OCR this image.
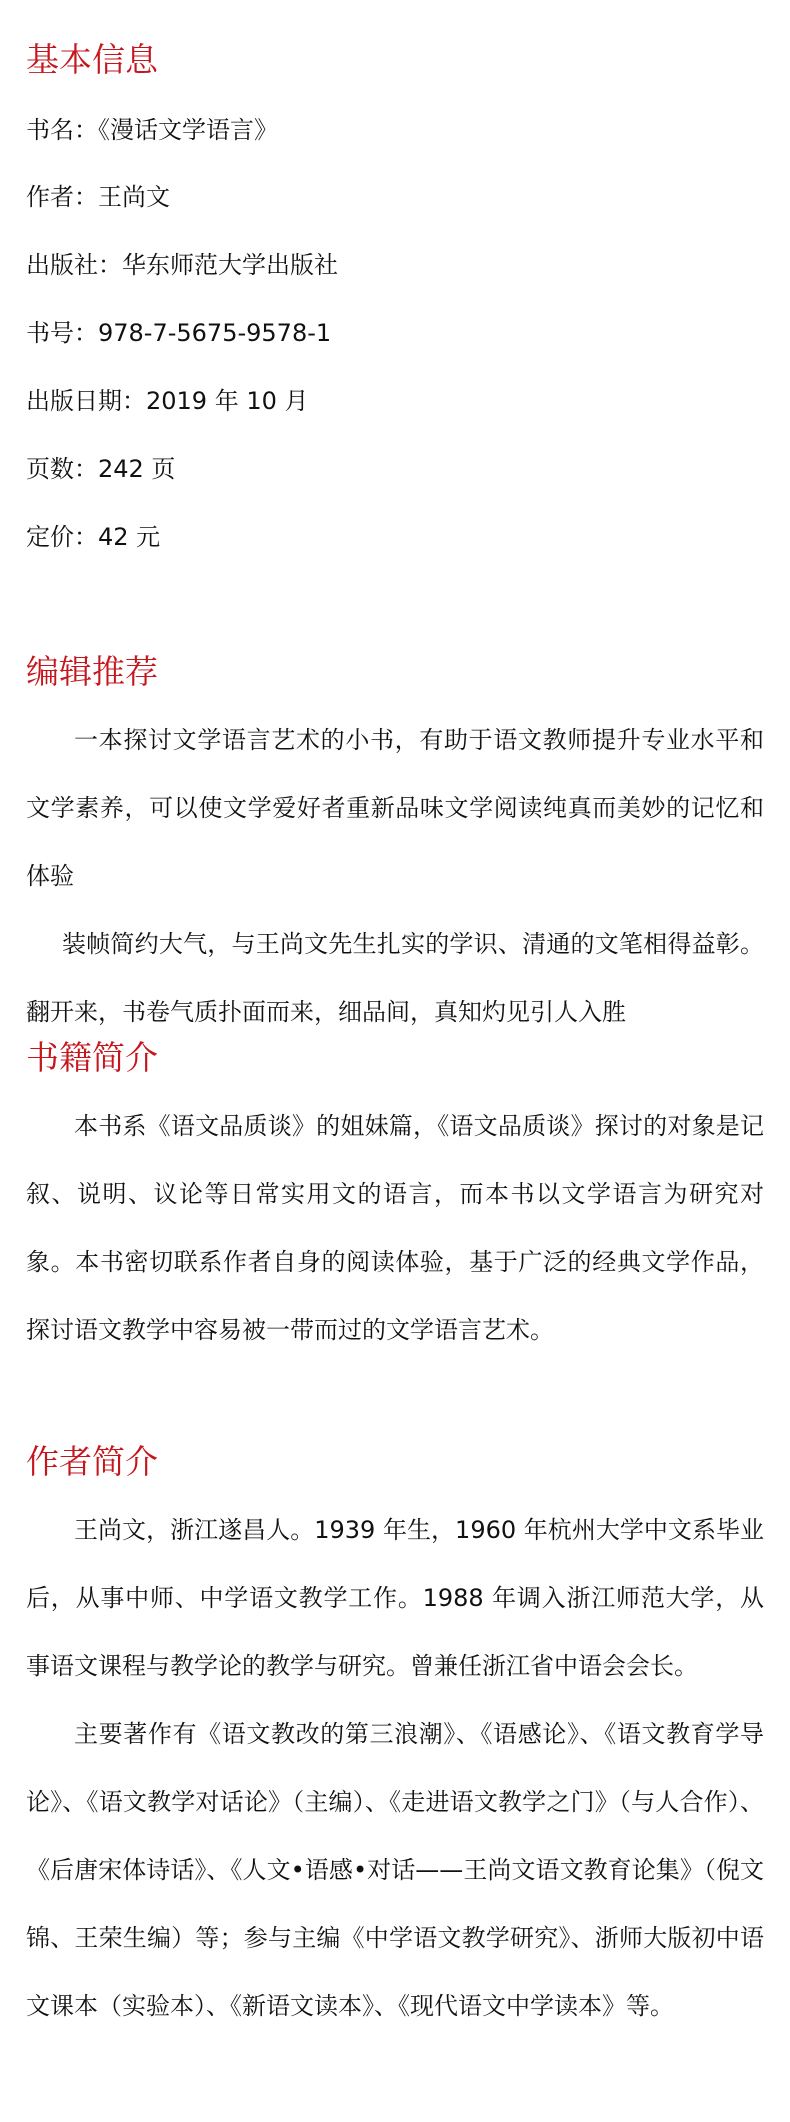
基本信息

书名：《漫话文学语言》

作者：王尚文

出版社：华东师范大学出版社

书号：978-7-5675-9578-1

出版日期：2019 年 10 月

页数：242 页

定价：42 元

编辑推荐

一本探讨文学语言艺术的小书，有助于语文教师提升专业水平和文学素养，可以使文学爱好者重新品味文学阅读纯真而美妙的记忆和体验

装帧简约大气，与王尚文先生扎实的学识、清通的文笔相得益彰。翻开来，书卷气质扑面而来，细品间，真知灼见引人入胜

书籍简介

本书系《语文品质谈》的姐妹篇，《语文品质谈》探讨的对象是记叙、说明、议论等日常实用文的语言，而本书以文学语言为研究对象。本书密切联系作者自身的阅读体验，基于广泛的经典文学作品，探讨语文教学中容易被一带而过的文学语言艺术。

作者简介

王尚文，浙江遂昌人。1939 年生，1960 年杭州大学中文系毕业后，从事中师、中学语文教学工作。1988 年调入浙江师范大学，从事语文课程与教学论的教学与研究。曾兼任浙江省中语会会长。

主要著作有《语文教改的第三浪潮》、《语感论》、《语文教育学导论》、《语文教学对话论》（主编）、《走进语文教学之门》（与人合作）、《后唐宋体诗话》、《人文•语感•对话——王尚文语文教育论集》（倪文锦、王荣生编）等；参与主编《中学语文教学研究》、浙师大版初中语文课本（实验本）、《新语文读本》、《现代语文中学读本》等。
